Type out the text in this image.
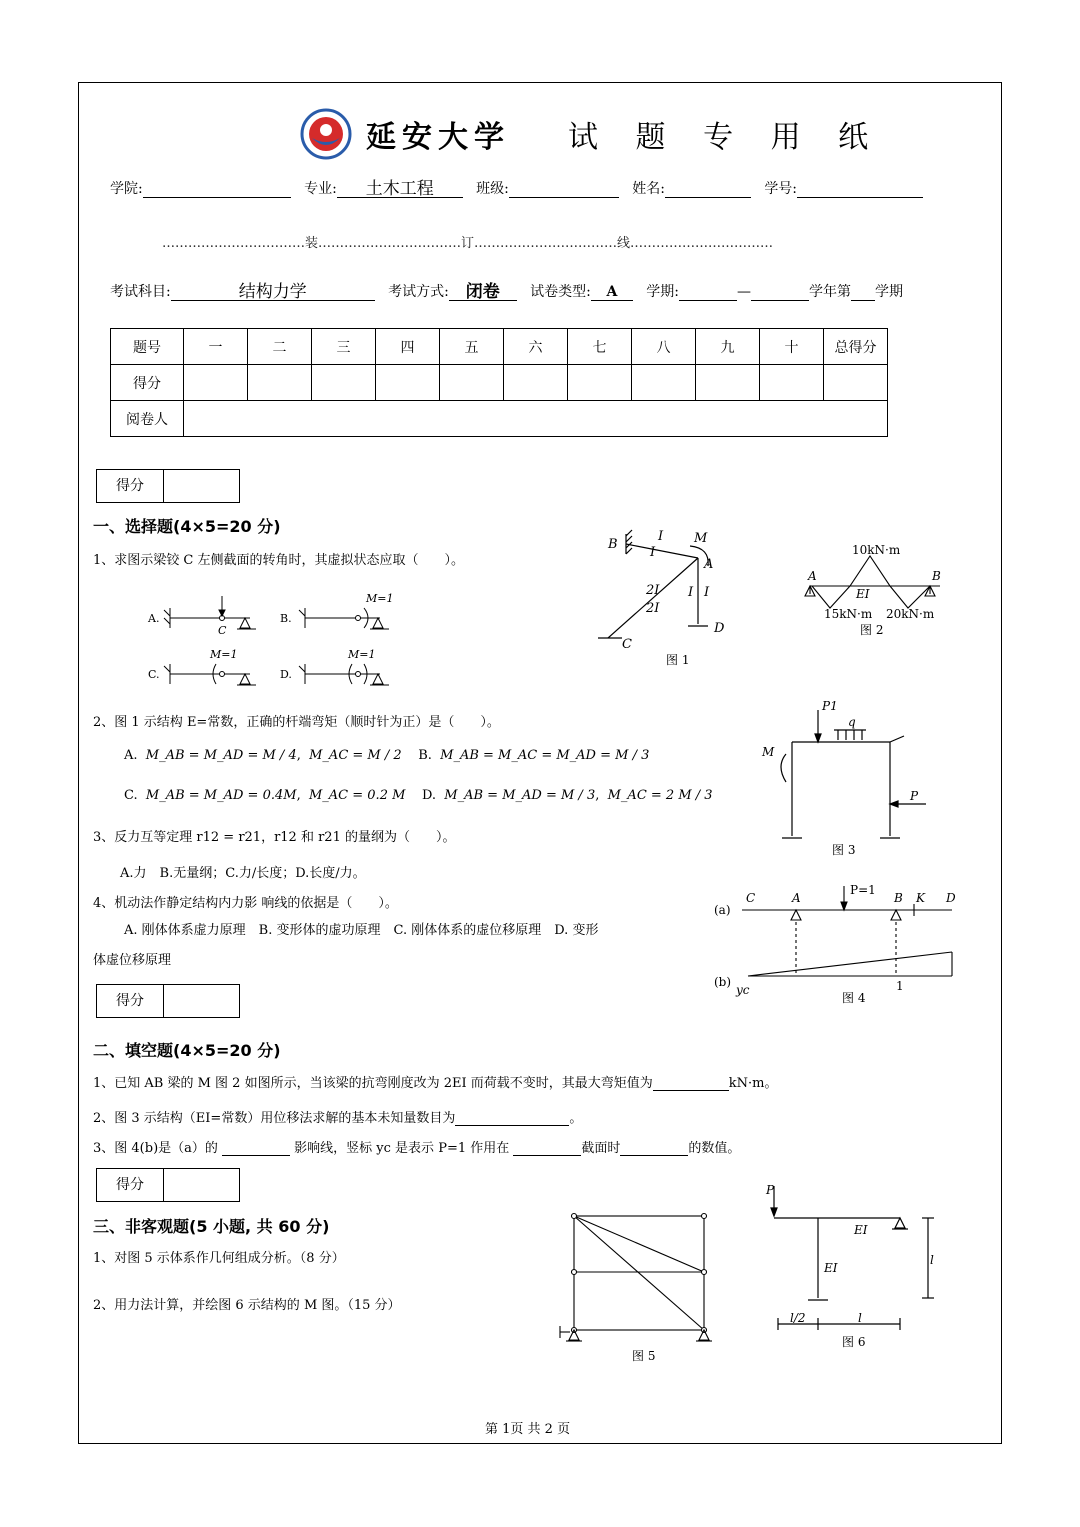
延安大学 试 题 专 用 纸
学院:	专业: 土木工程	班级:	姓名:	学号:
……………………………装……………………………订……………………………线……………………………
考试科目:	结构力学	考试方式: 闭卷 试卷类型: A 学期:	—	学年第 学期
题号	一	二	三	四	五	六	七	八	九	十	总得分
得分											
阅卷人											
得分
一、选择题(4×5=20 分)
1、求图示梁铰 C 左侧截面的转角时，其虚拟状态应取（　　）。
A.
C
B.
M=1
C.
M=1
D.
M=1
2、图 1 示结构 E=常数，正确的杆端弯矩（顺时针为正）是（　　）。
A. M_AB = M_AD = M / 4,  M_AC = M / 2 B. M_AB = M_AC = M_AD = M / 3
C. M_AB = M_AD = 0.4M,  M_AC = 0.2 M D. M_AB = M_AD = M / 3,  M_AC = 2 M / 3
3、反力互等定理 r12 = r21，r12 和 r21 的量纲为（　　）。
A.力　B.无量纲；C.力/长度；D.长度/力。
4、机动法作静定结构内力影 响线的依据是（　　）。
A. 刚体体系虚力原理　B. 变形体的虚功原理　C. 刚体体系的虚位移原理　D. 变形
体虚位移原理
B
I
I
M
A
2I
2I
I I
C
D
图 1
10kN·m
A	B
EI
15kN·m 20kN·m
图 2
P1
q
M
P
图 3
(a)
C	A
P=1
B K D
(b)
yc	1
图 4
得分
二、填空题(4×5=20 分)
1、已知 AB 梁的 M 图 2 如图所示，当该梁的抗弯刚度改为 2EI 而荷载不变时，其最大弯矩值为	kN·m。
2、图 3 示结构（EI=常数）用位移法求解的基本未知量数目为	。
3、图 4(b)是（a）的	影响线，竖标 yc 是表示 P=1 作用在	截面时	的数值。
得分
三、非客观题(5 小题, 共 60 分)
1、对图 5 示体系作几何组成分析。（8 分）
2、用力法计算，并绘图 6 示结构的 M 图。（15 分）
图 5
P
EI
EI
l
l/2	l
图 6
第 1页 共 2 页
